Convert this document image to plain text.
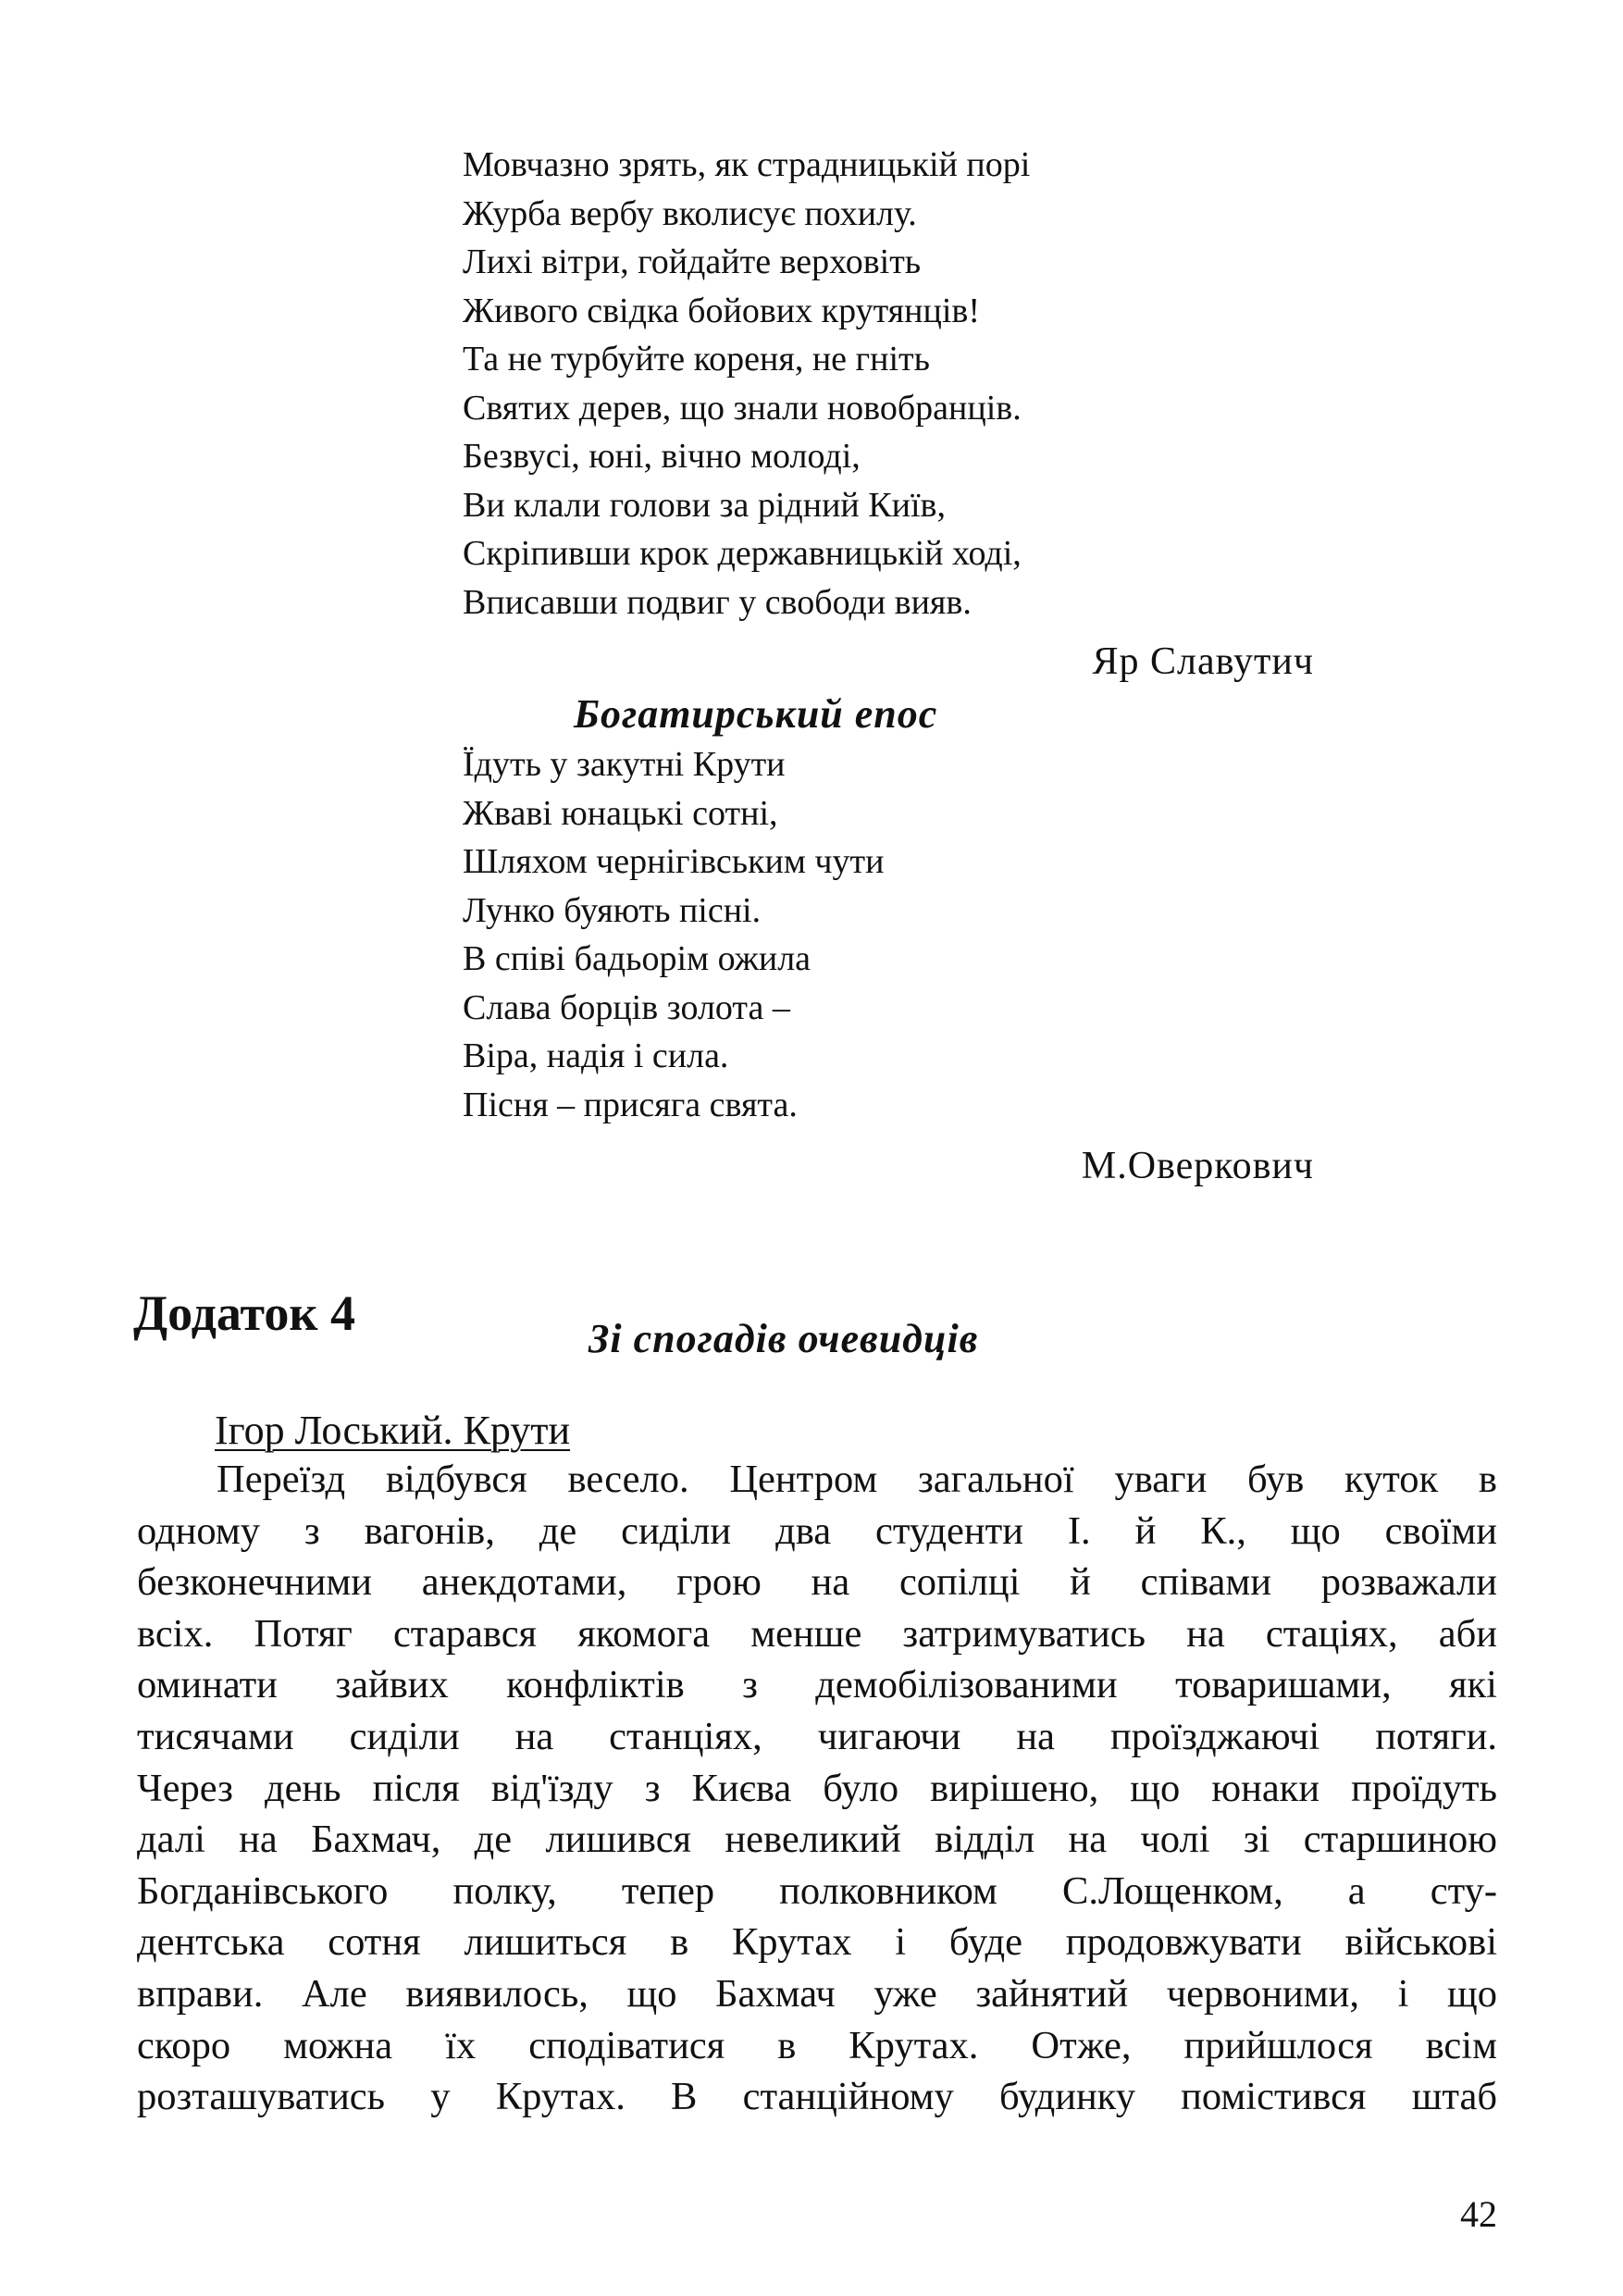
Мовчазно зрять, як страдницькій порі
Журба вербу вколисує похилу.
Лихі вітри, гойдайте верховіть
Живого свідка бойових крутянців!
Та не турбуйте кореня, не гніть
Святих дерев, що знали новобранців.
Безвусі, юні, вічно молоді,
Ви клали голови за рідний Київ,
Скріпивши крок державницькій ході,
Вписавши подвиг у свободи вияв.
Яр Славутич
Богатирський епос
Їдуть у закутні Крути
Жваві юнацькі сотні,
Шляхом чернігівським чути
Лунко буяють пісні.
В співі бадьорім ожила
Слава борців золота –
Віра, надія і сила.
Пісня – присяга свята.
М.Оверкович
Додаток 4	Зі спогадів очевидців
Ігор Лоський. Крути
Переїзд відбувся весело. Центром загальної уваги був куток в
одному з вагонів, де сиділи два студенти І. й К., що своїми
безконечними анекдотами, грою на сопілці й співами розважали
всіх. Потяг старався якомога менше затримуватись на стаціях, аби
оминати зайвих конфліктів з демобілізованими товаришами, які
тисячами сиділи на станціях, чигаючи на проїзджаючі потяги.
Через день після від'їзду з Києва було вирішено, що юнаки проїдуть
далі на Бахмач, де лишився невеликий відділ на чолі зі старшиною
Богданівського полку, тепер полковником С.Лощенком, а сту-
дентська сотня лишиться в Крутах і буде продовжувати військові
вправи. Але виявилось, що Бахмач уже зайнятий червоними, і що
скоро можна їх сподіватися в Крутах. Отже, прийшлося всім
розташуватись у Крутах. В станційному будинку помістився штаб
42
